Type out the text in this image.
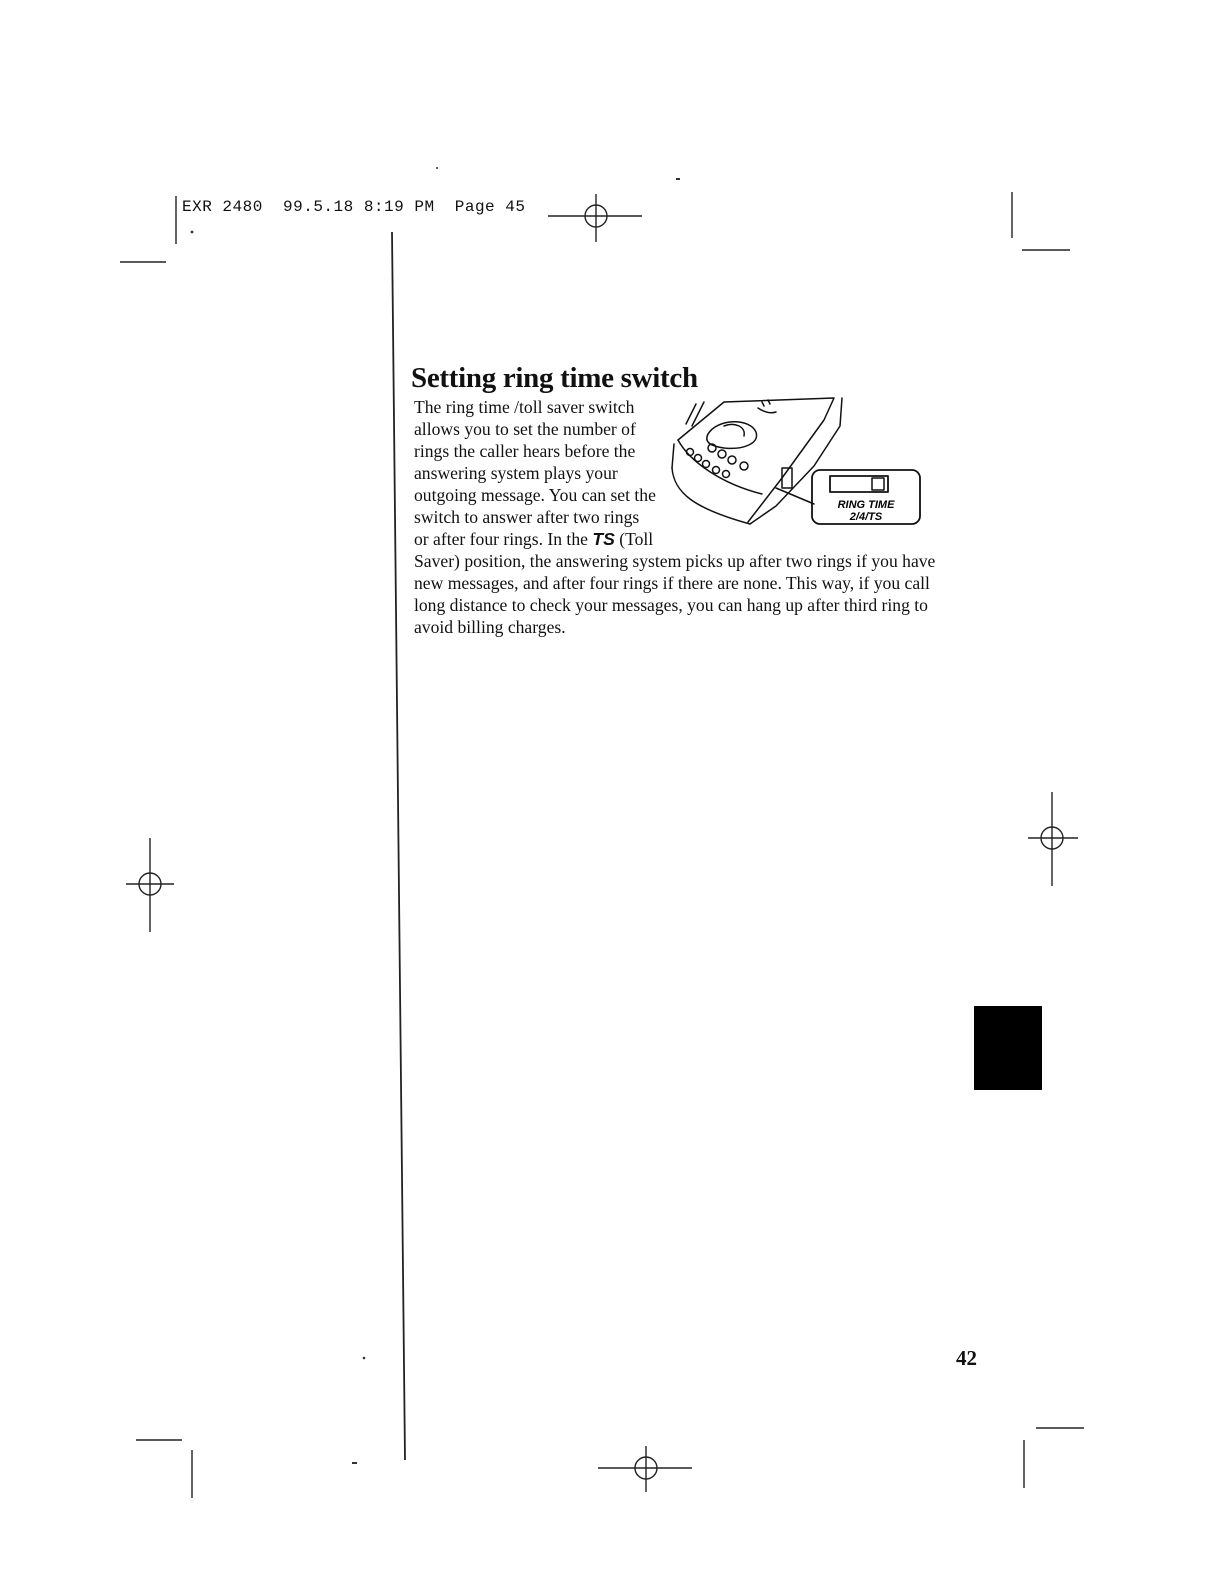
EXR 2480  99.5.18 8:19 PM  Page 45
Setting ring time switch
RING TIME
2/4/TS
The ring time /toll saver switch allows you to set the number of rings the caller hears before the answering system plays your outgoing message. You can set the switch to answer after two rings or after four rings. In the TS (Toll Saver) position, the answering system picks up after two rings if you have new messages, and after four rings if there are none. This way, if you call long distance to check your messages, you can hang up after third ring to avoid billing charges.
42
